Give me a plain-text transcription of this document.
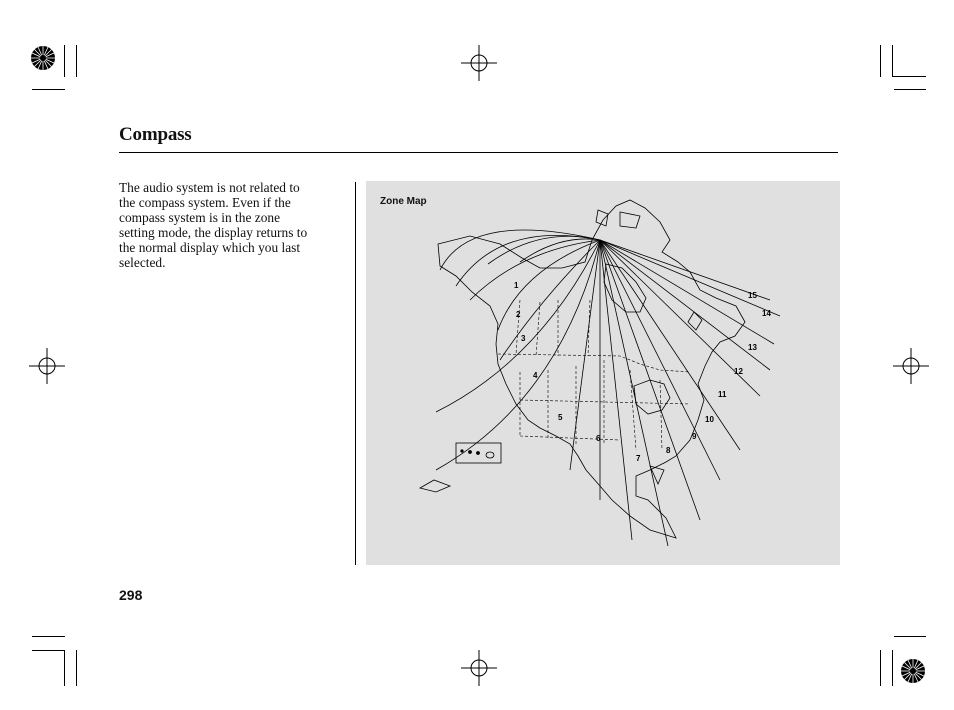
Compass
The audio system is not related to
the compass system. Even if the
compass system is in the zone
setting mode, the display returns to
the normal display which you last
selected.
1
2
3
4
5
6
7
8
9
10
11
12
13
14
15
Zone Map
298
